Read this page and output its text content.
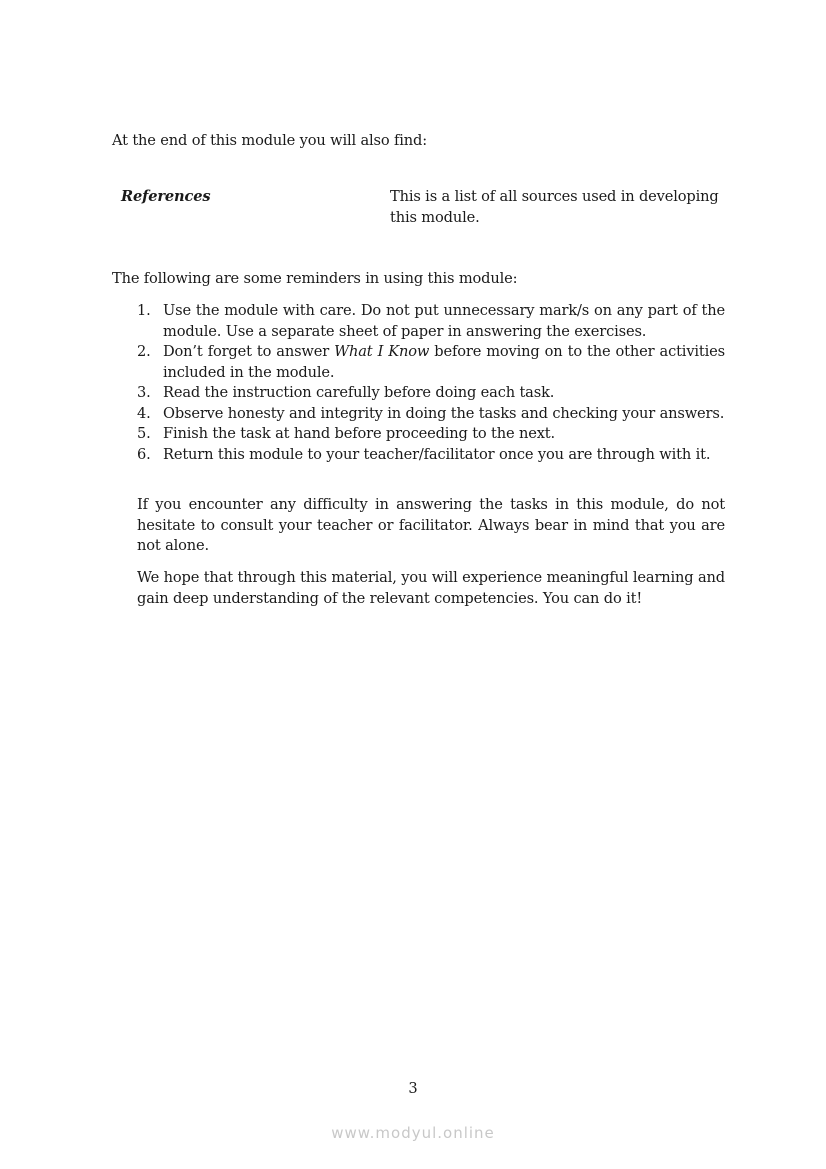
At the end of this module you will also find:

References	This is a list of all sources used in developing this module.

The following are some reminders in using this module:

1. Use the module with care. Do not put unnecessary mark/s on any part of the module. Use a separate sheet of paper in answering the exercises.
2. Don’t forget to answer What I Know before moving on to the other activities included in the module.
3. Read the instruction carefully before doing each task.
4. Observe honesty and integrity in doing the tasks and checking your answers.
5. Finish the task at hand before proceeding to the next.
6. Return this module to your teacher/facilitator once you are through with it.

If you encounter any difficulty in answering the tasks in this module, do not hesitate to consult your teacher or facilitator. Always bear in mind that you are not alone.

We hope that through this material, you will experience meaningful learning and gain deep understanding of the relevant competencies. You can do it!

3

www.modyul.online
